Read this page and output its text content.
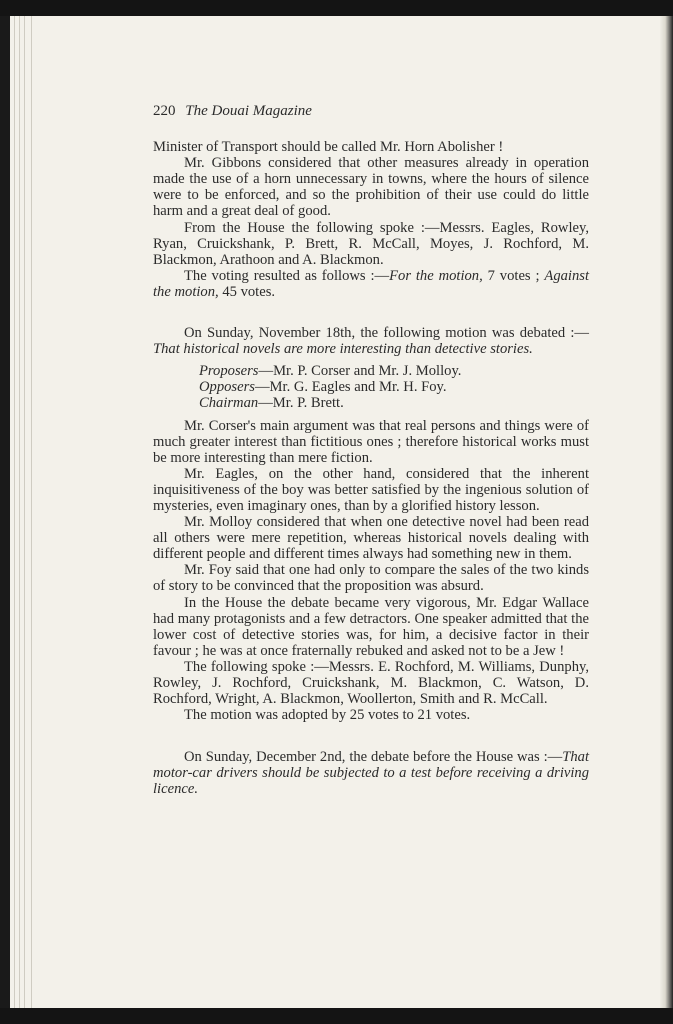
220 The Douai Magazine

Minister of Transport should be called Mr. Horn Abolisher !

Mr. Gibbons considered that other measures already in operation made the use of a horn unnecessary in towns, where the hours of silence were to be enforced, and so the prohibition of their use could do little harm and a great deal of good.

From the House the following spoke :—Messrs. Eagles, Rowley, Ryan, Cruickshank, P. Brett, R. McCall, Moyes, J. Rochford, M. Blackmon, Arathoon and A. Blackmon.

The voting resulted as follows :—For the motion, 7 votes ; Against the motion, 45 votes.

On Sunday, November 18th, the following motion was debated :—That historical novels are more interesting than detective stories.

Proposers—Mr. P. Corser and Mr. J. Molloy.
Opposers—Mr. G. Eagles and Mr. H. Foy.
Chairman—Mr. P. Brett.

Mr. Corser's main argument was that real persons and things were of much greater interest than fictitious ones ; therefore historical works must be more interesting than mere fiction.

Mr. Eagles, on the other hand, considered that the inherent inquisitiveness of the boy was better satisfied by the ingenious solution of mysteries, even imaginary ones, than by a glorified history lesson.

Mr. Molloy considered that when one detective novel had been read all others were mere repetition, whereas historical novels dealing with different people and different times always had something new in them.

Mr. Foy said that one had only to compare the sales of the two kinds of story to be convinced that the proposition was absurd.

In the House the debate became very vigorous, Mr. Edgar Wallace had many protagonists and a few detractors. One speaker admitted that the lower cost of detective stories was, for him, a decisive factor in their favour ; he was at once fraternally rebuked and asked not to be a Jew !

The following spoke :—Messrs. E. Rochford, M. Williams, Dunphy, Rowley, J. Rochford, Cruickshank, M. Blackmon, C. Watson, D. Rochford, Wright, A. Blackmon, Woollerton, Smith and R. McCall.

The motion was adopted by 25 votes to 21 votes.

On Sunday, December 2nd, the debate before the House was :—That motor-car drivers should be subjected to a test before receiving a driving licence.
